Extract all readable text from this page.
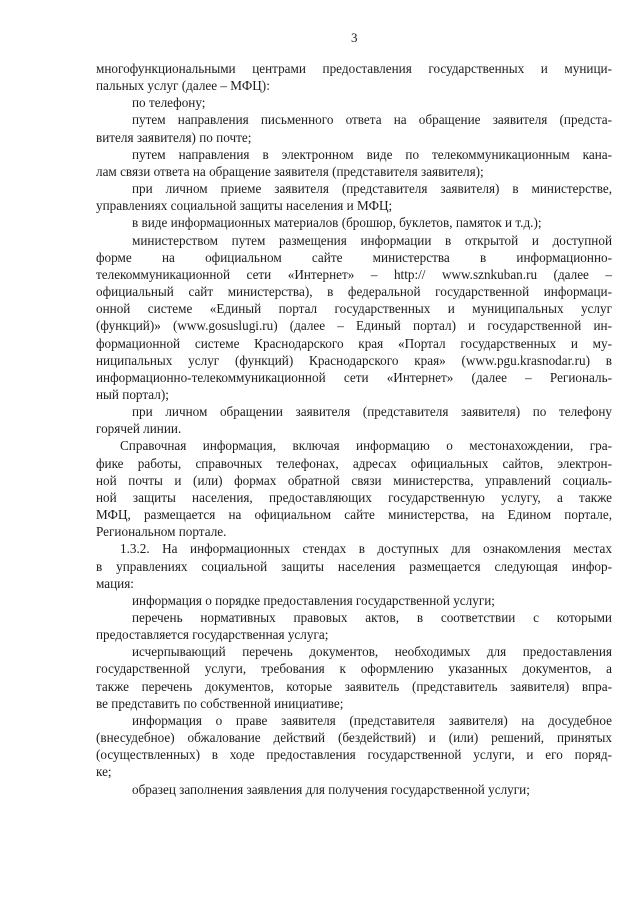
3

многофункциональными центрами предоставления государственных и муници-
пальных услуг (далее – МФЦ):

по телефону;

путем направления письменного ответа на обращение заявителя (предста-
вителя заявителя) по почте;

путем направления в электронном виде по телекоммуникационным кана-
лам связи ответа на обращение заявителя (представителя заявителя);

при личном приеме заявителя (представителя заявителя) в министерстве,
управлениях социальной защиты населения и МФЦ;

в виде информационных материалов (брошюр, буклетов, памяток и т.д.);

министерством путем размещения информации в открытой и доступной
форме на официальном сайте министерства в информационно-
телекоммуникационной сети «Интернет» – http:// www.sznkuban.ru (далее –
официальный сайт министерства), в федеральной государственной информаци-
онной системе «Единый портал государственных и муниципальных услуг
(функций)» (www.gosuslugi.ru) (далее – Единый портал) и государственной ин-
формационной системе Краснодарского края «Портал государственных и му-
ниципальных услуг (функций) Краснодарского края» (www.pgu.krasnodar.ru) в
информационно-телекоммуникационной сети «Интернет» (далее – Региональ-
ный портал);

при личном обращении заявителя (представителя заявителя) по телефону
горячей линии.

Справочная информация, включая информацию о местонахождении, гра-
фике работы, справочных телефонах, адресах официальных сайтов, электрон-
ной почты и (или) формах обратной связи министерства, управлений социаль-
ной защиты населения, предоставляющих государственную услугу, а также
МФЦ, размещается на официальном сайте министерства, на Едином портале,
Региональном портале.

1.3.2. На информационных стендах в доступных для ознакомления местах
в управлениях социальной защиты населения размещается следующая инфор-
мация:

информация о порядке предоставления государственной услуги;

перечень нормативных правовых актов, в соответствии с которыми
предоставляется государственная услуга;

исчерпывающий перечень документов, необходимых для предоставления
государственной услуги, требования к оформлению указанных документов, а
также перечень документов, которые заявитель (представитель заявителя) впра-
ве представить по собственной инициативе;

информация о праве заявителя (представителя заявителя) на досудебное
(внесудебное) обжалование действий (бездействий) и (или) решений, принятых
(осуществленных) в ходе предоставления государственной услуги, и его поряд-
ке;

образец заполнения заявления для получения государственной услуги;
